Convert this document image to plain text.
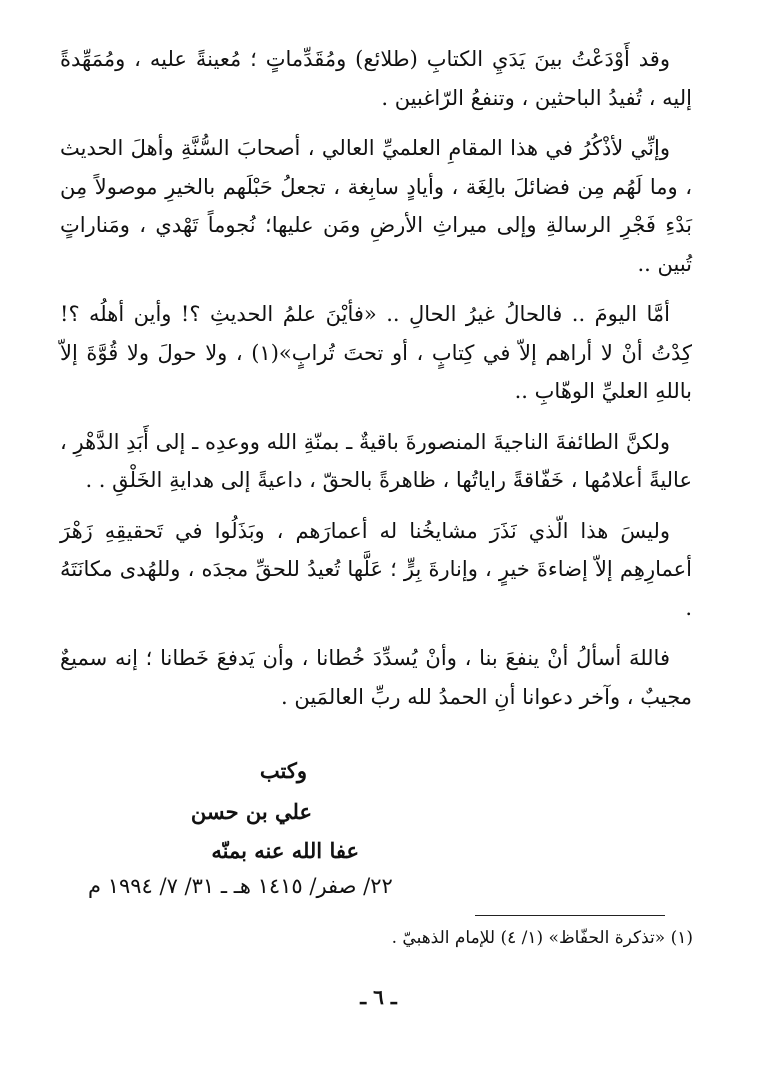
وقد أَوْدَعْتُ بينَ يَدَيِ الكتابِ (طلائع) ومُقَدِّماتٍ ؛ مُعينةً عليه ، ومُمَهِّدةً إليه ، تُفيدُ الباحثين ، وتنفعُ الرّاغبين .

وإنِّي لأذْكُرُ في هذا المقامِ العلميِّ العالي ، أصحابَ السُّنَّةِ وأهلَ الحديث ، وما لَهُم مِن فضائلَ بالِغَة ، وأيادٍ سابِغة ، تجعلُ حَبْلَهم بالخيرِ موصولاً مِن بَدْءِ فَجْرِ الرسالةِ وإلى ميراثِ الأرضِ ومَن عليها؛ نُجوماً تَهْدي ، ومَناراتٍ تُبين ..

أمَّا اليومَ .. فالحالُ غيرُ الحالِ .. «فأيْنَ علمُ الحديثِ ؟! وأين أهلُه ؟! كِدْتُ أنْ لا أراهم إلاّ في كِتابٍ ، أو تحتَ تُرابٍ»(١) ، ولا حولَ ولا قُوَّةَ إلاّ باللهِ العليِّ الوهّابِ ..

ولكنَّ الطائفةَ الناجيةَ المنصورةَ باقيةٌ ـ بمنّةِ الله ووعدِه ـ إلى أَبَدِ الدَّهْرِ ، عاليةً أعلامُها ، خَفّاقةً راياتُها ، ظاهرةً بالحقّ ، داعيةً إلى هدايةِ الخَلْقِ . .

وليسَ هذا الّذي نَذَرَ مشايخُنا له أعمارَهم ، وبَذَلُوا في تَحقيقِهِ زَهْرَ أعمارِهِم إلاّ إضاءةَ خيرٍ ، وإنارةَ بِرٍّ ؛ عَلَّها تُعيدُ للحقِّ مجدَه ، وللهُدى مكانَتَهُ .

فاللهَ أسألُ أنْ ينفعَ بنا ، وأنْ يُسدِّدَ خُطانا ، وأن يَدفعَ خَطانا ؛ إنه سميعٌ مجيبٌ ، وآخر دعوانا أنِ الحمدُ لله ربِّ العالمَين .

وكتب
علي بن حسن
عفا الله عنه بمنّه
٢٢/ صفر/ ١٤١٥ هـ ـ ٣١/ ٧/ ١٩٩٤ م
(١) «تذكرة الحفّاظ» (١/ ٤) للإمام الذهبيّ .
ـ ٦ ـ
